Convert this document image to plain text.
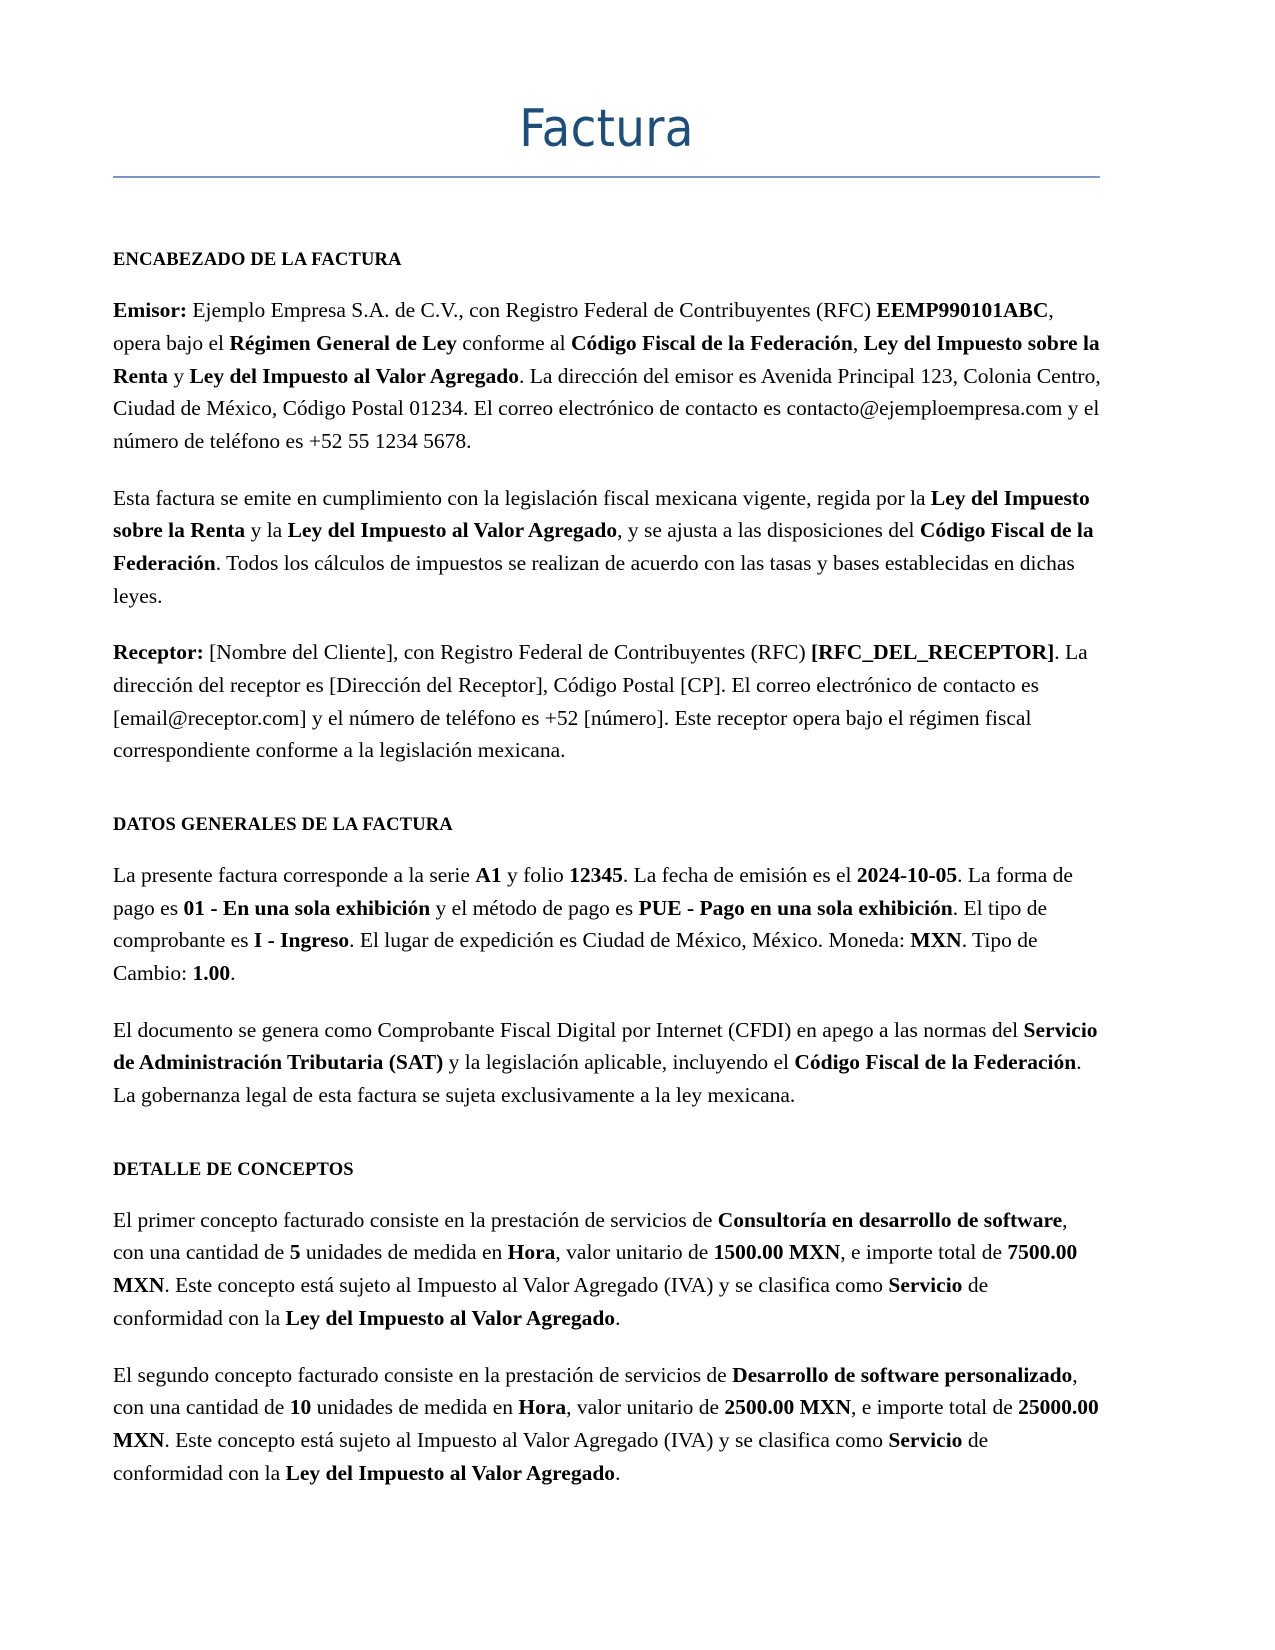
Factura
ENCABEZADO DE LA FACTURA

Emisor: Ejemplo Empresa S.A. de C.V., con Registro Federal de Contribuyentes (RFC) EEMP990101ABC, opera bajo el Régimen General de Ley conforme al Código Fiscal de la Federación, Ley del Impuesto sobre la Renta y Ley del Impuesto al Valor Agregado. La dirección del emisor es Avenida Principal 123, Colonia Centro, Ciudad de México, Código Postal 01234. El correo electrónico de contacto es contacto@ejemploempresa.com y el número de teléfono es +52 55 1234 5678.

Esta factura se emite en cumplimiento con la legislación fiscal mexicana vigente, regida por la Ley del Impuesto sobre la Renta y la Ley del Impuesto al Valor Agregado, y se ajusta a las disposiciones del Código Fiscal de la Federación. Todos los cálculos de impuestos se realizan de acuerdo con las tasas y bases establecidas en dichas leyes.

Receptor: [Nombre del Cliente], con Registro Federal de Contribuyentes (RFC) [RFC_DEL_RECEPTOR]. La dirección del receptor es [Dirección del Receptor], Código Postal [CP]. El correo electrónico de contacto es [email@receptor.com] y el número de teléfono es +52 [número]. Este receptor opera bajo el régimen fiscal correspondiente conforme a la legislación mexicana.

DATOS GENERALES DE LA FACTURA

La presente factura corresponde a la serie A1 y folio 12345. La fecha de emisión es el 2024-10-05. La forma de pago es 01 - En una sola exhibición y el método de pago es PUE - Pago en una sola exhibición. El tipo de comprobante es I - Ingreso. El lugar de expedición es Ciudad de México, México. Moneda: MXN. Tipo de Cambio: 1.00.

El documento se genera como Comprobante Fiscal Digital por Internet (CFDI) en apego a las normas del Servicio de Administración Tributaria (SAT) y la legislación aplicable, incluyendo el Código Fiscal de la Federación. La gobernanza legal de esta factura se sujeta exclusivamente a la ley mexicana.

DETALLE DE CONCEPTOS

El primer concepto facturado consiste en la prestación de servicios de Consultoría en desarrollo de software, con una cantidad de 5 unidades de medida en Hora, valor unitario de 1500.00 MXN, e importe total de 7500.00 MXN. Este concepto está sujeto al Impuesto al Valor Agregado (IVA) y se clasifica como Servicio de conformidad con la Ley del Impuesto al Valor Agregado.

El segundo concepto facturado consiste en la prestación de servicios de Desarrollo de software personalizado, con una cantidad de 10 unidades de medida en Hora, valor unitario de 2500.00 MXN, e importe total de 25000.00 MXN. Este concepto está sujeto al Impuesto al Valor Agregado (IVA) y se clasifica como Servicio de conformidad con la Ley del Impuesto al Valor Agregado.
